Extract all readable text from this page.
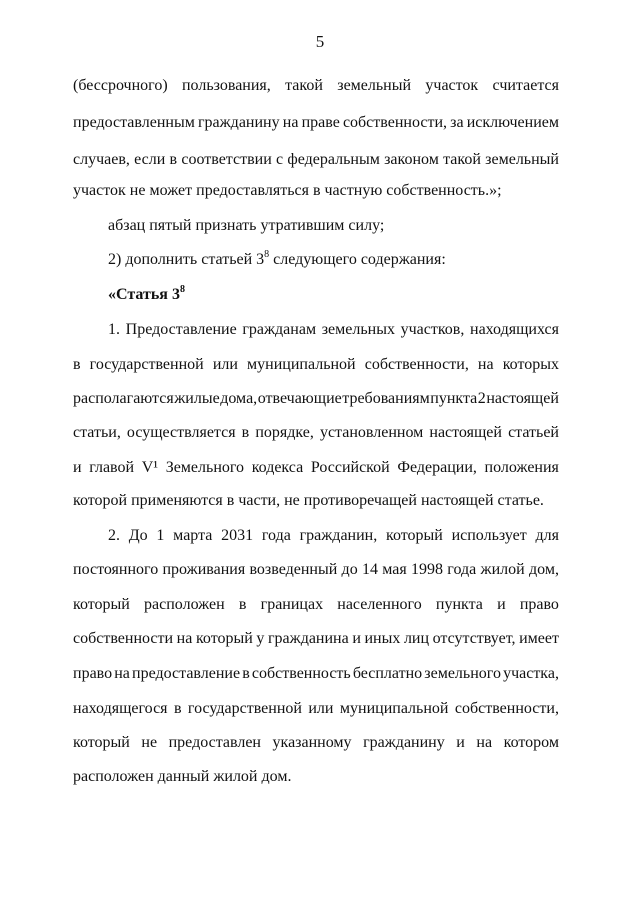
5
(бессрочного) пользования, такой земельный участок считается
предоставленным гражданину на праве собственности, за исключением
случаев, если в соответствии с федеральным законом такой земельный
участок не может предоставляться в частную собственность.»;
абзац пятый признать утратившим силу;
2) дополнить статьей $3^8$ следующего содержания:
«Статья $3^8$
1. Предоставление гражданам земельных участков, находящихся
в государственной или муниципальной собственности, на которых
располагаются жилые дома, отвечающие требованиям пункта 2 настоящей
статьи, осуществляется в порядке, установленном настоящей статьей
и главой V¹ Земельного кодекса Российской Федерации, положения
которой применяются в части, не противоречащей настоящей статье.
2. До 1 марта 2031 года гражданин, который использует для
постоянного проживания возведенный до 14 мая 1998 года жилой дом,
который расположен в границах населенного пункта и право
собственности на который у гражданина и иных лиц отсутствует, имеет
право на предоставление в собственность бесплатно земельного участка,
находящегося в государственной или муниципальной собственности,
который не предоставлен указанному гражданину и на котором
расположен данный жилой дом.
